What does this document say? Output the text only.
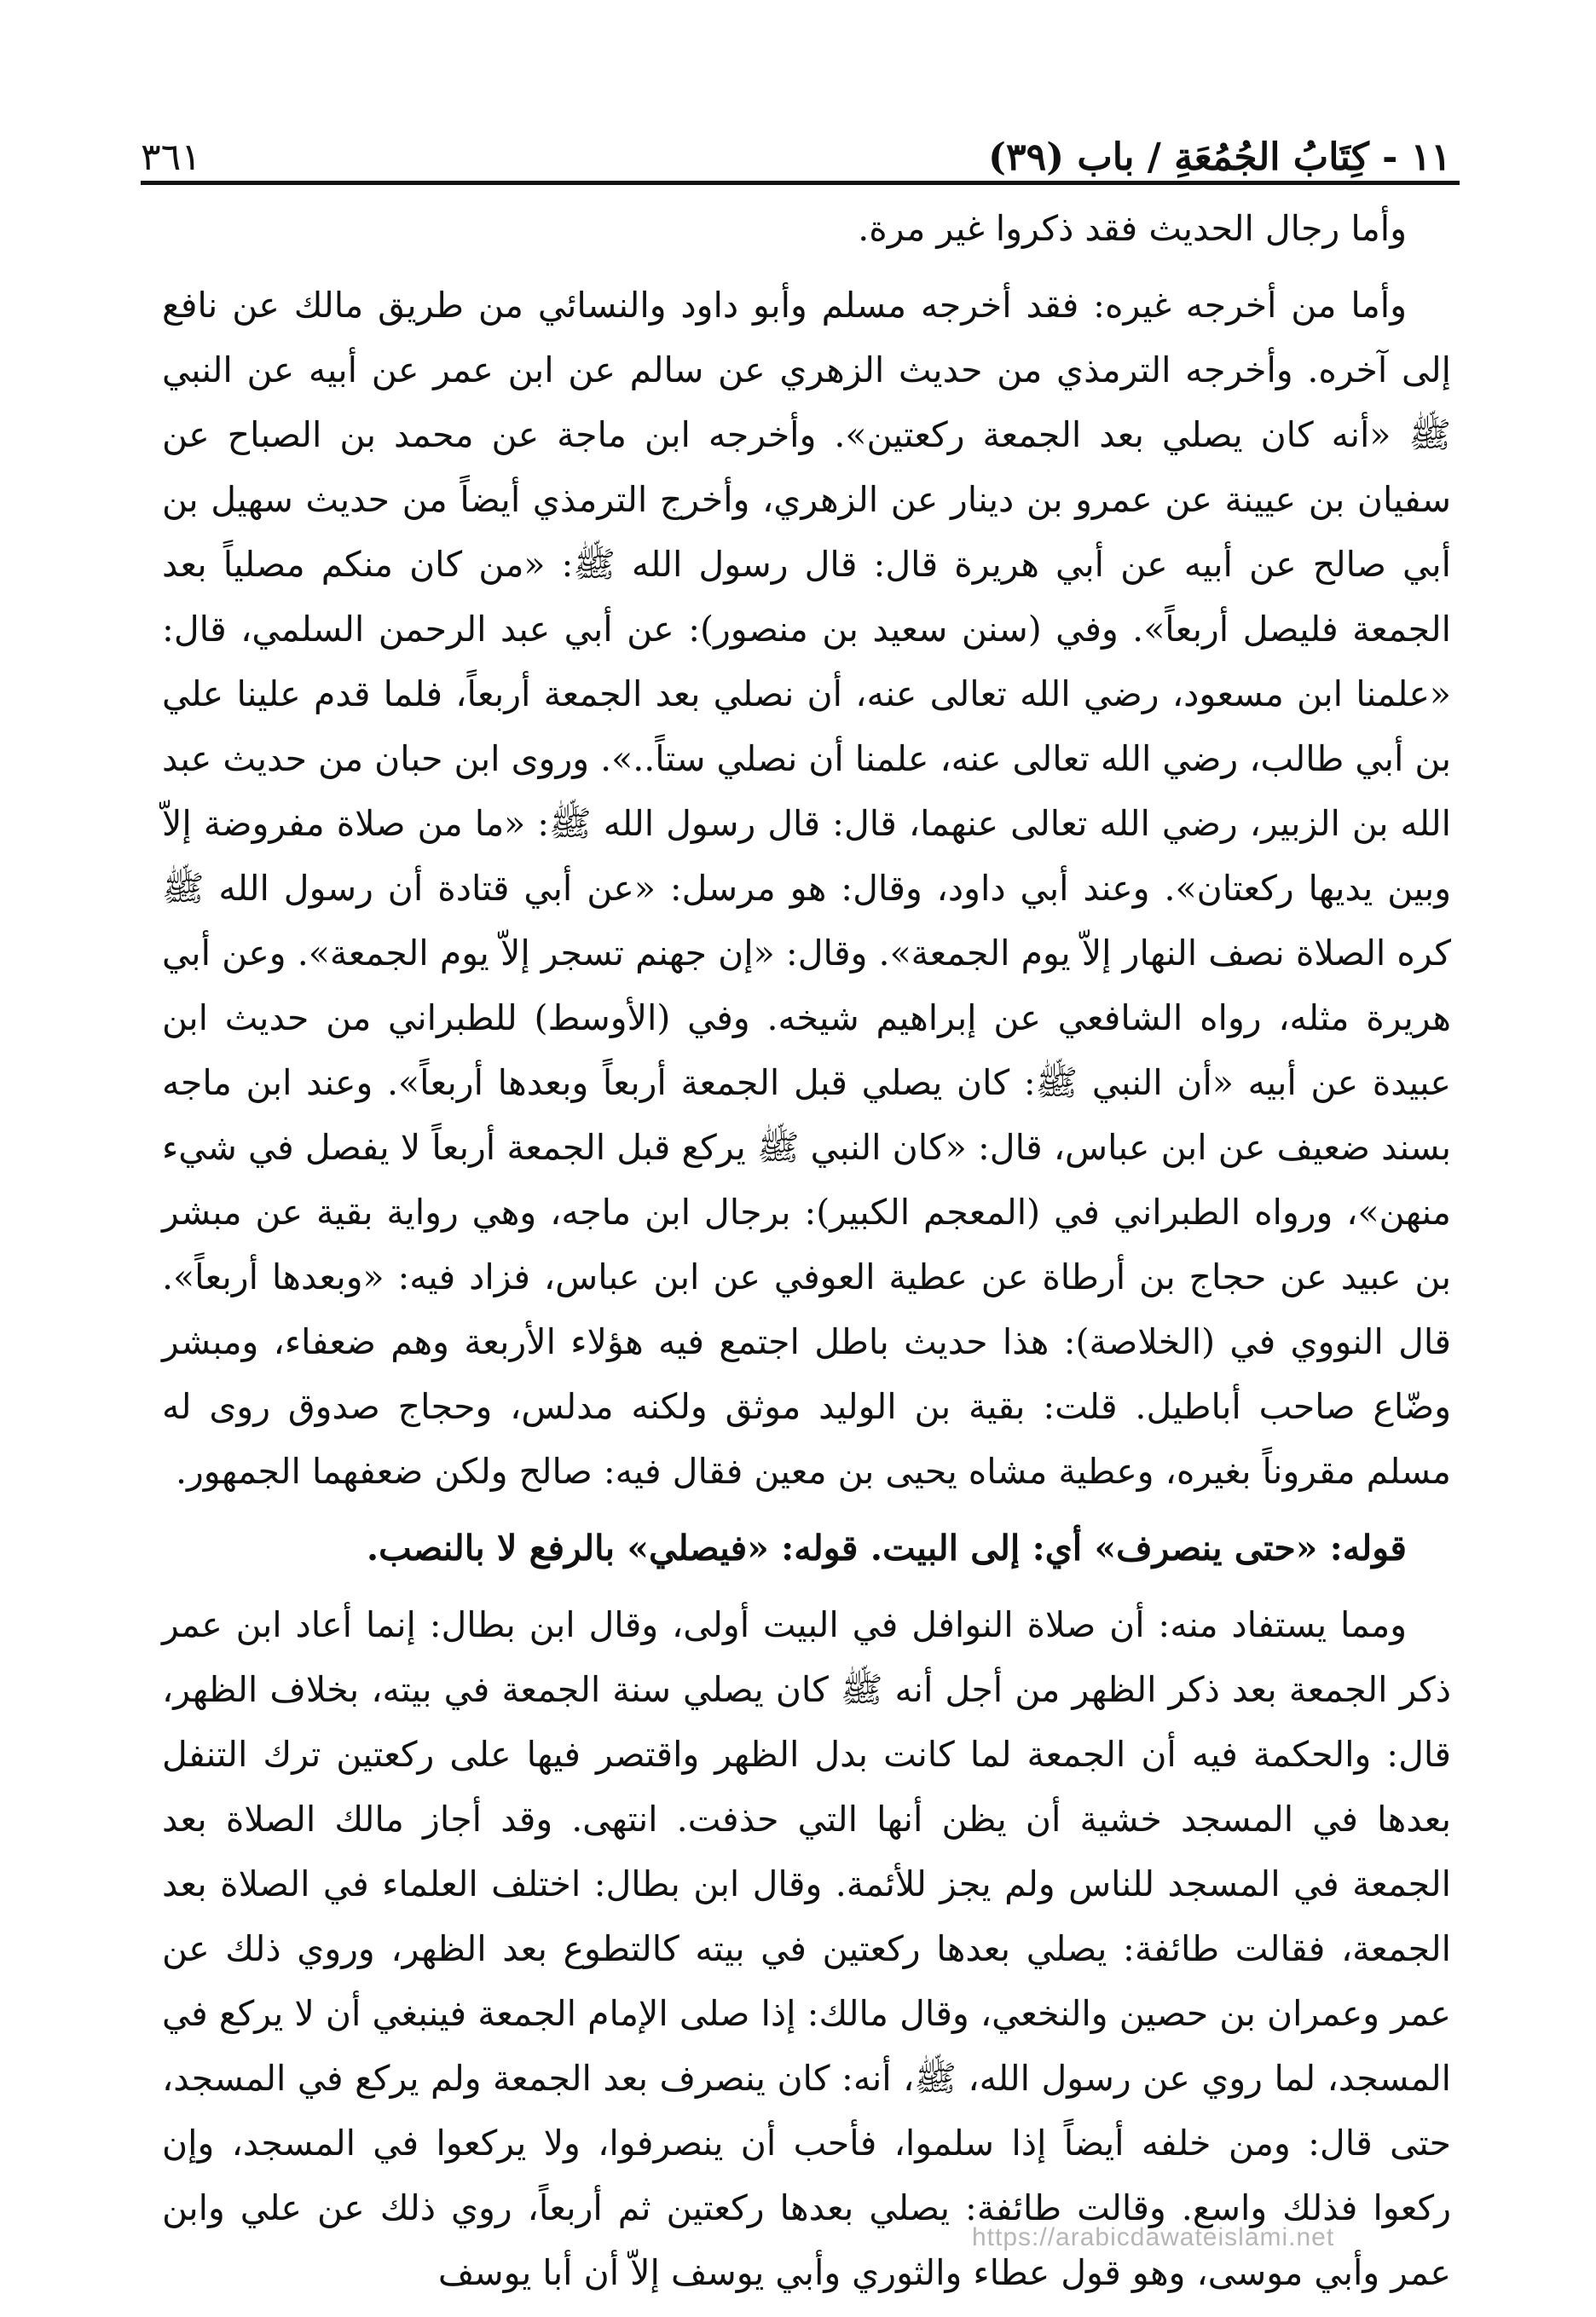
١١ - كِتَابُ الجُمُعَةِ / باب (٣٩)
٣٦١

وأما رجال الحديث فقد ذكروا غير مرة.

وأما من أخرجه غيره: فقد أخرجه مسلم وأبو داود والنسائي من طريق مالك عن نافع إلى آخره. وأخرجه الترمذي من حديث الزهري عن سالم عن ابن عمر عن أبيه عن النبي ﷺ «أنه كان يصلي بعد الجمعة ركعتين». وأخرجه ابن ماجة عن محمد بن الصباح عن سفيان بن عيينة عن عمرو بن دينار عن الزهري، وأخرج الترمذي أيضاً من حديث سهيل بن أبي صالح عن أبيه عن أبي هريرة قال: قال رسول الله ﷺ: «من كان منكم مصلياً بعد الجمعة فليصل أربعاً». وفي (سنن سعيد بن منصور): عن أبي عبد الرحمن السلمي، قال: «علمنا ابن مسعود، رضي الله تعالى عنه، أن نصلي بعد الجمعة أربعاً، فلما قدم علينا علي بن أبي طالب، رضي الله تعالى عنه، علمنا أن نصلي ستاً..». وروى ابن حبان من حديث عبد الله بن الزبير، رضي الله تعالى عنهما، قال: قال رسول الله ﷺ: «ما من صلاة مفروضة إلاّ وبين يديها ركعتان». وعند أبي داود، وقال: هو مرسل: «عن أبي قتادة أن رسول الله ﷺ كره الصلاة نصف النهار إلاّ يوم الجمعة». وقال: «إن جهنم تسجر إلاّ يوم الجمعة». وعن أبي هريرة مثله، رواه الشافعي عن إبراهيم شيخه. وفي (الأوسط) للطبراني من حديث ابن عبيدة عن أبيه «أن النبي ﷺ: كان يصلي قبل الجمعة أربعاً وبعدها أربعاً». وعند ابن ماجه بسند ضعيف عن ابن عباس، قال: «كان النبي ﷺ يركع قبل الجمعة أربعاً لا يفصل في شيء منهن»، ورواه الطبراني في (المعجم الكبير): برجال ابن ماجه، وهي رواية بقية عن مبشر بن عبيد عن حجاج بن أرطاة عن عطية العوفي عن ابن عباس، فزاد فيه: «وبعدها أربعاً». قال النووي في (الخلاصة): هذا حديث باطل اجتمع فيه هؤلاء الأربعة وهم ضعفاء، ومبشر وضّاع صاحب أباطيل. قلت: بقية بن الوليد موثق ولكنه مدلس، وحجاج صدوق روى له مسلم مقروناً بغيره، وعطية مشاه يحيى بن معين فقال فيه: صالح ولكن ضعفهما الجمهور.

قوله: «حتى ينصرف» أي: إلى البيت. قوله: «فيصلي» بالرفع لا بالنصب.

ومما يستفاد منه: أن صلاة النوافل في البيت أولى، وقال ابن بطال: إنما أعاد ابن عمر ذكر الجمعة بعد ذكر الظهر من أجل أنه ﷺ كان يصلي سنة الجمعة في بيته، بخلاف الظهر، قال: والحكمة فيه أن الجمعة لما كانت بدل الظهر واقتصر فيها على ركعتين ترك التنفل بعدها في المسجد خشية أن يظن أنها التي حذفت. انتهى. وقد أجاز مالك الصلاة بعد الجمعة في المسجد للناس ولم يجز للأئمة. وقال ابن بطال: اختلف العلماء في الصلاة بعد الجمعة، فقالت طائفة: يصلي بعدها ركعتين في بيته كالتطوع بعد الظهر، وروي ذلك عن عمر وعمران بن حصين والنخعي، وقال مالك: إذا صلى الإمام الجمعة فينبغي أن لا يركع في المسجد، لما روي عن رسول الله، ﷺ، أنه: كان ينصرف بعد الجمعة ولم يركع في المسجد، حتى قال: ومن خلفه أيضاً إذا سلموا، فأحب أن ينصرفوا، ولا يركعوا في المسجد، وإن ركعوا فذلك واسع. وقالت طائفة: يصلي بعدها ركعتين ثم أربعاً، روي ذلك عن علي وابن عمر وأبي موسى، وهو قول عطاء والثوري وأبي يوسف إلاّ أن أبا يوسف

https://arabicdawateislami.net
